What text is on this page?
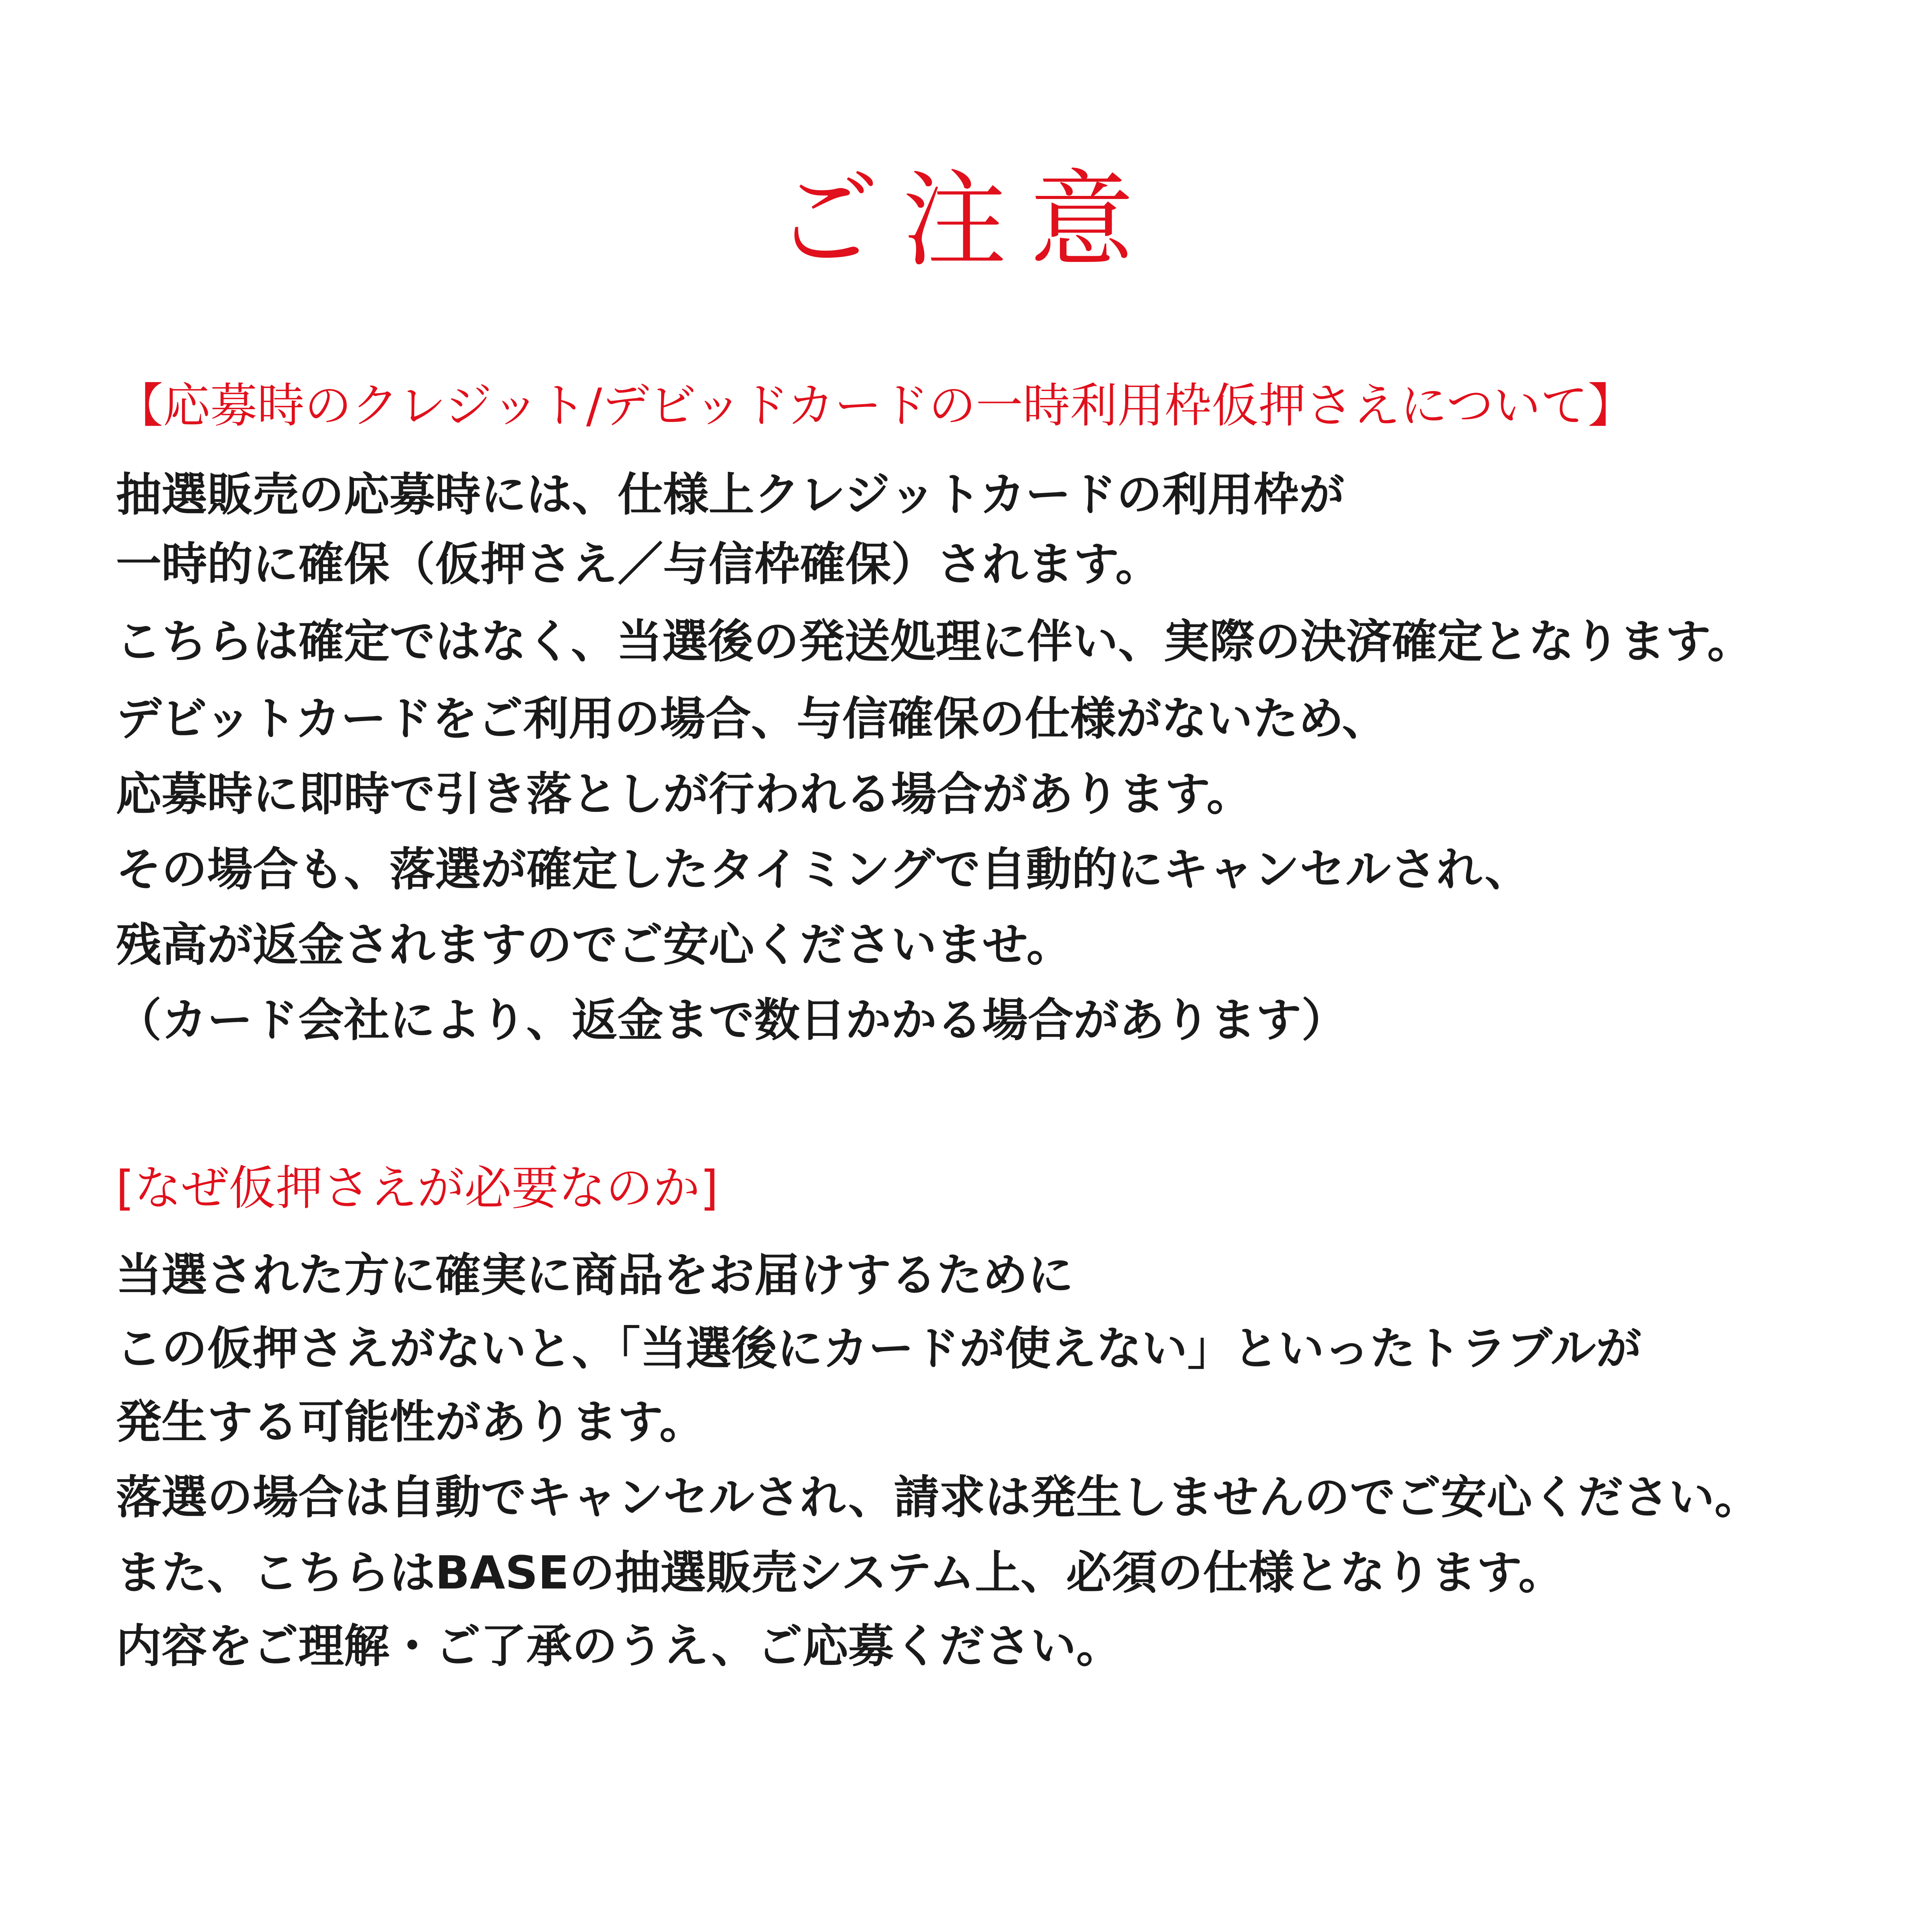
ご注意
【応募時のクレジット/デビッドカードの一時利用枠仮押さえについて】

抽選販売の応募時には、仕様上クレジットカードの利用枠が

一時的に確保（仮押さえ／与信枠確保）されます。

こちらは確定ではなく、当選後の発送処理に伴い、実際の決済確定となります。

デビットカードをご利用の場合、与信確保の仕様がないため、

応募時に即時で引き落としが行われる場合があります。

その場合も、落選が確定したタイミングで自動的にキャンセルされ、

残高が返金されますのでご安心くださいませ。

（カード会社により、返金まで数日かかる場合があります）

[なぜ仮押さえが必要なのか]

当選された方に確実に商品をお届けするために

この仮押さえがないと、「当選後にカードが使えない」といったトラブルが

発生する可能性があります。

落選の場合は自動でキャンセルされ、請求は発生しませんのでご安心ください。

また、こちらはBASEの抽選販売システム上、必須の仕様となります。

内容をご理解・ご了承のうえ、ご応募ください。
